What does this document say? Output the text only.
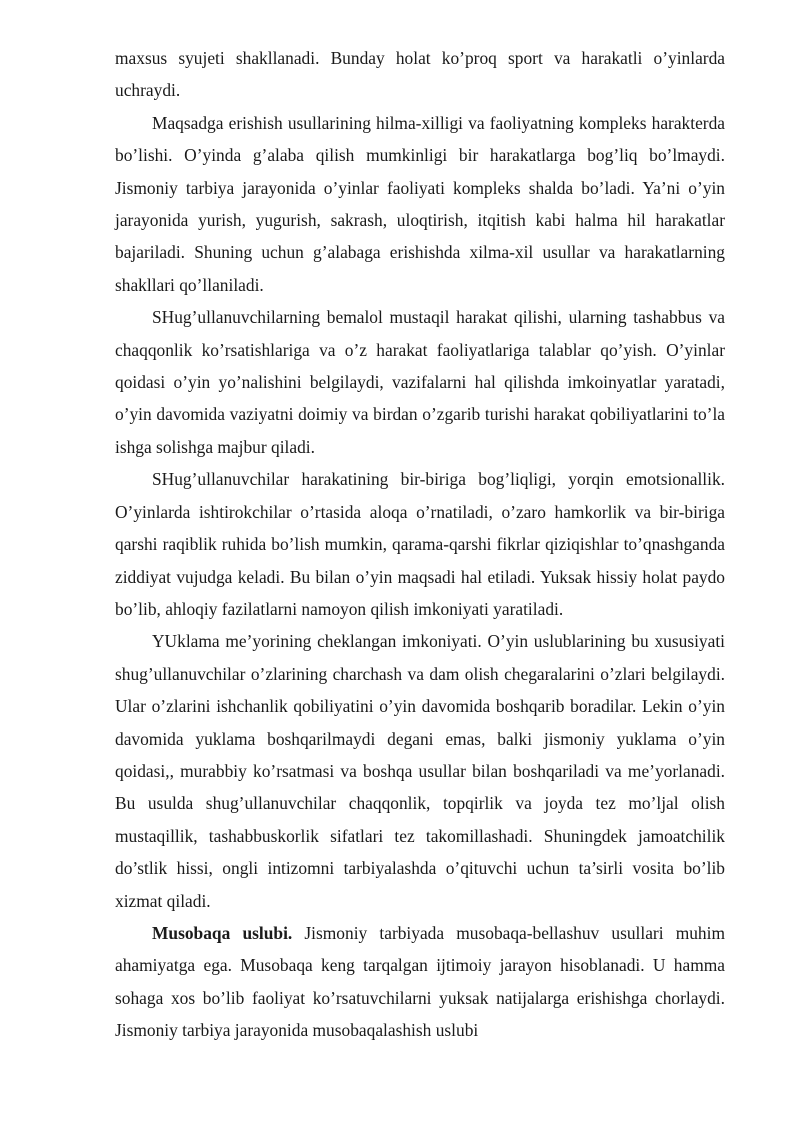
maxsus syujeti shakllanadi. Bunday holat ko’proq sport va harakatli o’yinlarda uchraydi.

Maqsadga erishish usullarining hilma-xilligi va faoliyatning kompleks harakterda bo’lishi. O’yinda g’alaba qilish mumkinligi bir harakatlarga bog’liq bo’lmaydi. Jismoniy tarbiya jarayonida o’yinlar faoliyati kompleks shalda bo’ladi. Ya’ni o’yin jarayonida yurish, yugurish, sakrash, uloqtirish, itqitish kabi halma hil harakatlar bajariladi. Shuning uchun g’alabaga erishishda xilma-xil usullar va harakatlarning shakllari qo’llaniladi.

SHug’ullanuvchilarning bemalol mustaqil harakat qilishi, ularning tashabbus va chaqqonlik ko’rsatishlariga va o’z harakat faoliyatlariga talablar qo’yish. O’yinlar qoidasi o’yin yo’nalishini belgilaydi, vazifalarni hal qilishda imkoinyatlar yaratadi, o’yin davomida vaziyatni doimiy va birdan o’zgarib turishi harakat qobiliyatlarini to’la ishga solishga majbur qiladi.

SHug’ullanuvchilar harakatining bir-biriga bog’liqligi, yorqin emotsionallik. O’yinlarda ishtirokchilar o’rtasida aloqa o’rnatiladi, o’zaro hamkorlik va bir-biriga qarshi raqiblik ruhida bo’lish mumkin, qarama-qarshi fikrlar qiziqishlar to’qnashganda ziddiyat vujudga keladi. Bu bilan o’yin maqsadi hal etiladi. Yuksak hissiy holat paydo bo’lib, ahloqiy fazilatlarni namoyon qilish imkoniyati yaratiladi.

YUklama me’yorining cheklangan imkoniyati. O’yin uslublarining bu xususiyati shug’ullanuvchilar o’zlarining charchash va dam olish chegaralarini o’zlari belgilaydi. Ular o’zlarini ishchanlik qobiliyatini o’yin davomida boshqarib boradilar. Lekin o’yin davomida yuklama boshqarilmaydi degani emas, balki jismoniy yuklama o’yin qoidasi,, murabbiy ko’rsatmasi va boshqa usullar bilan boshqariladi va me’yorlanadi. Bu usulda shug’ullanuvchilar chaqqonlik, topqirlik va joyda tez mo’ljal olish mustaqillik, tashabbuskorlik sifatlari tez takomillashadi. Shuningdek jamoatchilik do’stlik hissi, ongli intizomni tarbiyalashda o’qituvchi uchun ta’sirli vosita bo’lib xizmat qiladi.

Musobaqa uslubi. Jismoniy tarbiyada musobaqa-bellashuv usullari muhim ahamiyatga ega. Musobaqa keng tarqalgan ijtimoiy jarayon hisoblanadi. U hamma sohaga xos bo’lib faoliyat ko’rsatuvchilarni yuksak natijalarga erishishga chorlaydi. Jismoniy tarbiya jarayonida musobaqalashish uslubi
